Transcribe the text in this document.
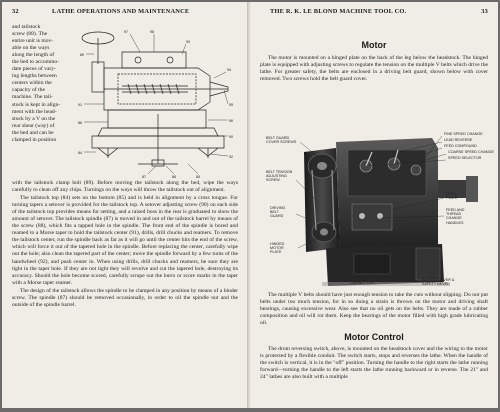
32	LATHE OPERATIONS AND MAINTENANCE

and tailstock

screw (88). The

entire unit is mov-

able on the ways

along the length of

the bed to accommo-

date pieces of vary-

ing lengths between

centers within the

capacity of the

machine. The tail-

stock is kept in align-

ment with the head-

stock by a V on the

rear shear (way) of

the bed and can be

clamped in position

97	98
93
94
95
96
90
92
91
86
84
87	88
89
85

with the tailstock clamp bolt (89). Before moving the tailstock along the bed, wipe the ways carefully to clean off any chips. Turnings on the ways will throw the tailstock out of alignment.

The tailstock top (84) sets on the bottom (85) and is held in alignment by a cross tongue. For turning tapers a setover is provided for the tailstock top. A setover adjusting screw (90) on each side of the tailstock top provides means for setting, and a raised boss in the rear is graduated to show the amount of setover. The tailstock spindle (87) is moved in and out of the tailstock barrel by means of the screw (88), which fits a tapped hole in the spindle. The front end of the spindle is bored and reamed to a Morse taper to hold the tailstock center (91), drills, drill chucks and reamers. To remove the tailstock center, run the spindle back as far as it will go until the center hits the end of the screw, which will force it out of the tapered hole in the spindle. Before replacing the center, carefully wipe out the hole; also clean the tapered part of the center; move the spindle forward by a few turns of the handwheel (92), and push center in. When using drills, drill chucks and reamers, be sure they are tight in the taper hole. If they are not tight they will revolve and cut the tapered hole, destroying its accuracy. Should the hole become scored, carefully scrape out the burrs or score marks in the taper with a Morse taper reamer.

The design of the tailstock allows the spindle to be clamped in any position by means of a binder screw. The spindle (87) should be removed occasionally, in order to oil the spindle nut and the outside of the spindle barrel.

THE R. K. LE BLOND MACHINE TOOL CO.	33
Motor

The motor is mounted on a hinged plate on the back of the leg below the headstock. The hinged plate is equipped with adjusting screws to regulate the tension on the multiple V belts which drive the lathe. For greater safety, the belts are enclosed in a driving belt guard, shown below with cover removed. Two screws hold the belt guard cover.

FINE SPEED CHANGE
LEAD REVERSE
FEED COMPOUND
COARSE SPEED CHANGE
SPEED SELECTOR
BELT GUARD
COVER SCREWS
BELT TENSION
ADJUSTING
SCREW
FEED
PLATE
FEED AND
THREAD
CHANGE
HANDLES
DRIVING
BELT
GUARD
HINGED
MOTOR
PLATE
CABINET LEG
SLIDING COVER &
SAFETY BEVEL

The multiple V belts should have just enough tension to take the cuts without slipping. Do not put belts under too much tension, for in so doing a strain is thrown on the motor and driving shaft bearings, causing excessive wear. Also see that no oil gets on the belts. They are made of a rubber composition and oil will rot them. Keep the bearings of the motor filled with high grade lubricating oil.

Motor Control

The drum reversing switch, above, is mounted on the headstock cover and the wiring to the motor is protected by a flexible conduit. The switch starts, stops and reverses the lathe. When the handle of the switch is vertical, it is in the "off" position. Turning the handle to the right starts the lathe running forward—turning the handle to the left starts the lathe running backward or in reverse. The 21" and 24" lathes are also built with a multiple
